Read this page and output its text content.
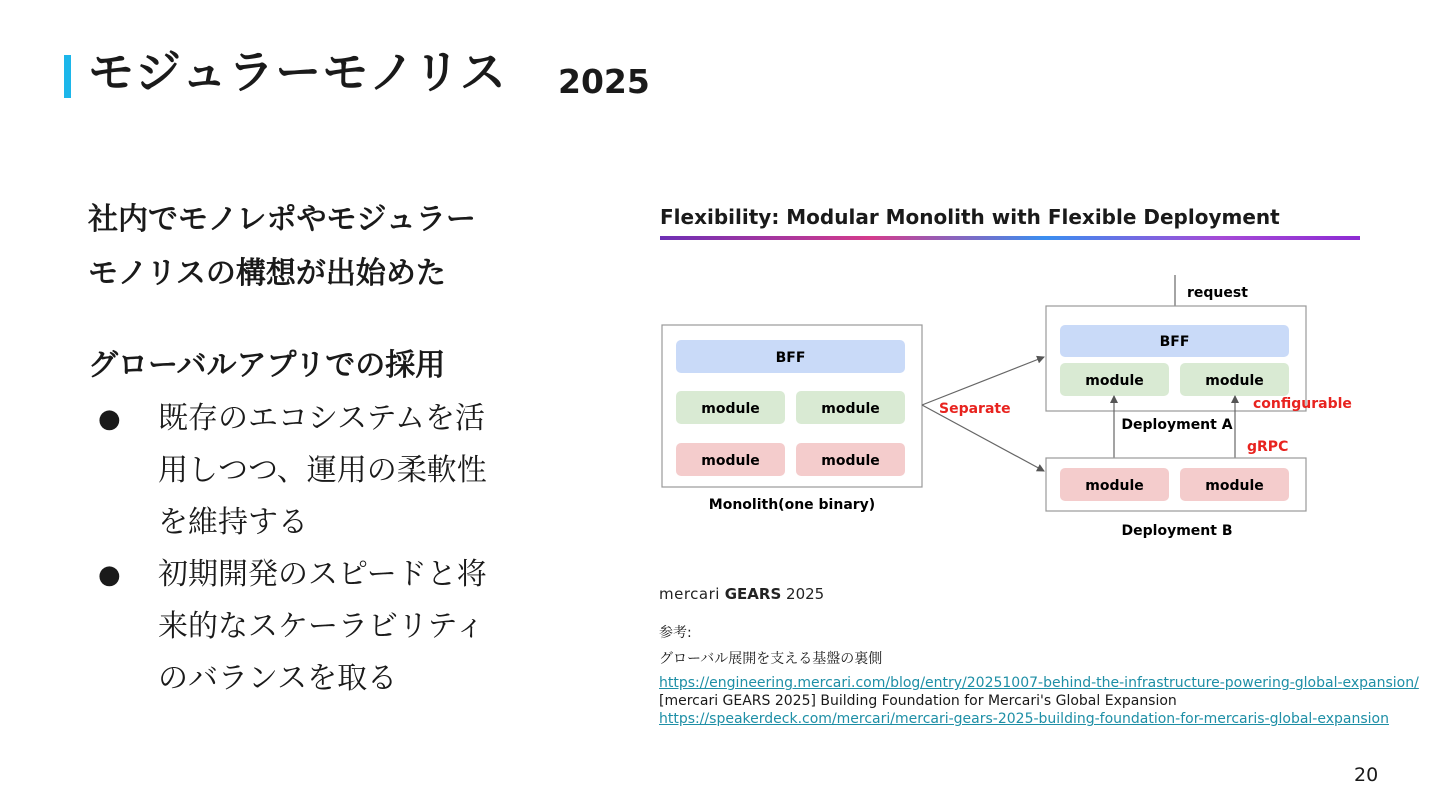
モジュラーモノリス 2025
社内でモノレポやモジュラー
モノリスの構想が出始めた
グローバルアプリでの採用
● 既存のエコシステムを活
用しつつ、運用の柔軟性
を維持する
● 初期開発のスピードと将
来的なスケーラビリティ
のバランスを取る
Flexibility: Modular Monolith with Flexible Deployment
BFF
module	module
module	module
Monolith(one binary)
Separate
request
BFF
module	module
configurable
Deployment A
gRPC
module	module
Deployment B
mercari GEARS 2025
参考:
グローバル展開を支える基盤の裏側
https://engineering.mercari.com/blog/entry/20251007-behind-the-infrastructure-powering-global-expansion/
[mercari GEARS 2025] Building Foundation for Mercari's Global Expansion
https://speakerdeck.com/mercari/mercari-gears-2025-building-foundation-for-mercaris-global-expansion
20
